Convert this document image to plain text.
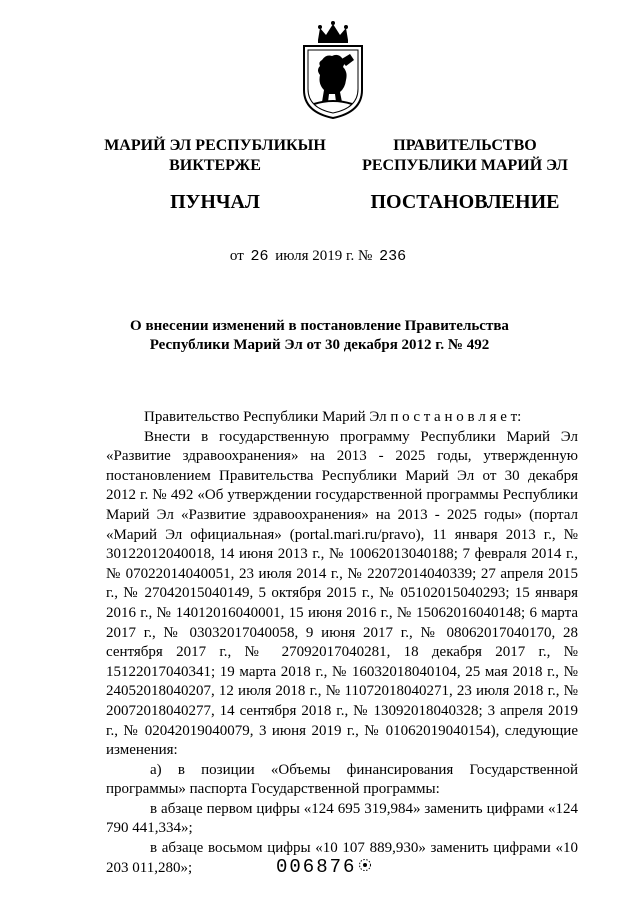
МАРИЙ ЭЛ РЕСПУБЛИКЫН
ВИКТЕРЖЕ
ПУНЧАЛ
ПРАВИТЕЛЬСТВО
РЕСПУБЛИКИ МАРИЙ ЭЛ
ПОСТАНОВЛЕНИЕ
от 26 июля 2019 г. № 236
О внесении изменений в постановление Правительства
Республики Марий Эл от 30 декабря 2012 г. № 492

Правительство Республики Марий Эл п о с т а н о в л я е т:

Внести в государственную программу Республики Марий Эл «Развитие здравоохранения» на 2013 - 2025 годы, утвержденную постановлением Правительства Республики Марий Эл от 30 декабря 2012 г. № 492 «Об утверждении государственной программы Республики Марий Эл «Развитие здравоохранения» на 2013 - 2025 годы» (портал «Марий Эл официальная» (portal.mari.ru/pravo), 11 января 2013 г., № 30122012040018, 14 июня 2013 г., № 10062013040188; 7 февраля 2014 г., № 07022014040051, 23 июля 2014 г., № 22072014040339; 27 апреля 2015 г., № 27042015040149, 5 октября 2015 г., № 05102015040293; 15 января 2016 г., № 14012016040001, 15 июня 2016 г., № 15062016040148; 6 марта 2017 г., № 03032017040058, 9 июня 2017 г., № 08062017040170, 28 сентября 2017 г., № 27092017040281, 18 декабря 2017 г., № 15122017040341; 19 марта 2018 г., № 16032018040104, 25 мая 2018 г., № 24052018040207, 12 июля 2018 г., № 11072018040271, 23 июля 2018 г., № 20072018040277, 14 сентября 2018 г., № 13092018040328; 3 апреля 2019 г., № 02042019040079, 3 июня 2019 г., № 01062019040154), следующие изменения:

а) в позиции «Объемы финансирования Государственной программы» паспорта Государственной программы:

в абзаце первом цифры «124 695 319,984» заменить цифрами «124 790 441,334»;

в абзаце восьмом цифры «10 107 889,930» заменить цифрами «10 203 011,280»;	006876
